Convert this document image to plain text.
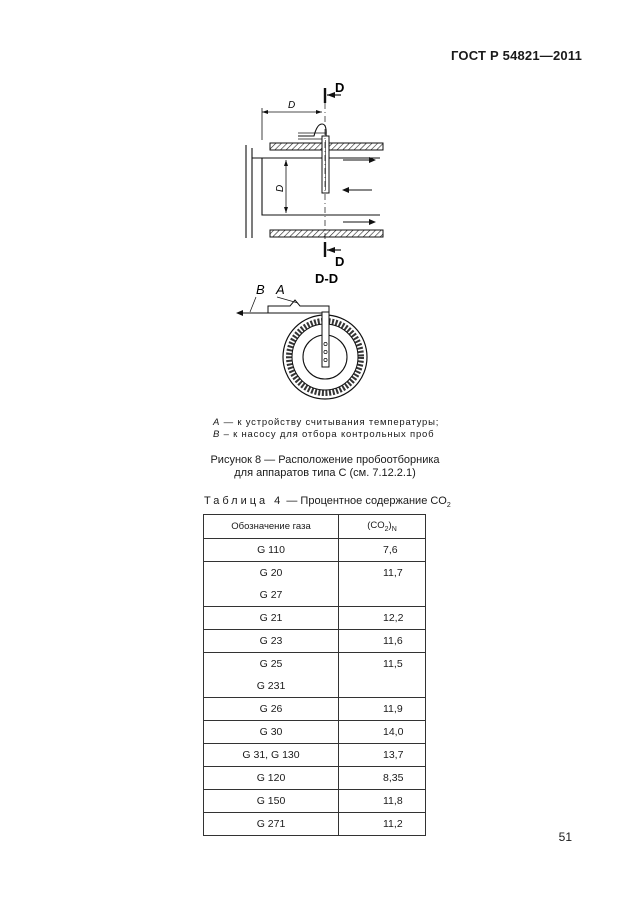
ГОСТ Р 54821—2011
D
D
D
D
D-D
A
B
A — к устройству считывания температуры;
B – к насосу для отбора контрольных проб
Рисунок 8 — Расположение пробоотборника
для аппаратов типа С (см. 7.12.2.1)
Таблица 4 — Процентное содержание $CO_2$
Обозначение газа	$(CO_2)_N$

G 110	7,6

G 20
G 27	11,7

G 21	12,2

G 23	11,6

G 25
G 231	11,5

G 26	11,9

G 30	14,0

G 31, G 130	13,7

G 120	8,35

G 150	11,8

G 271	11,2
51
